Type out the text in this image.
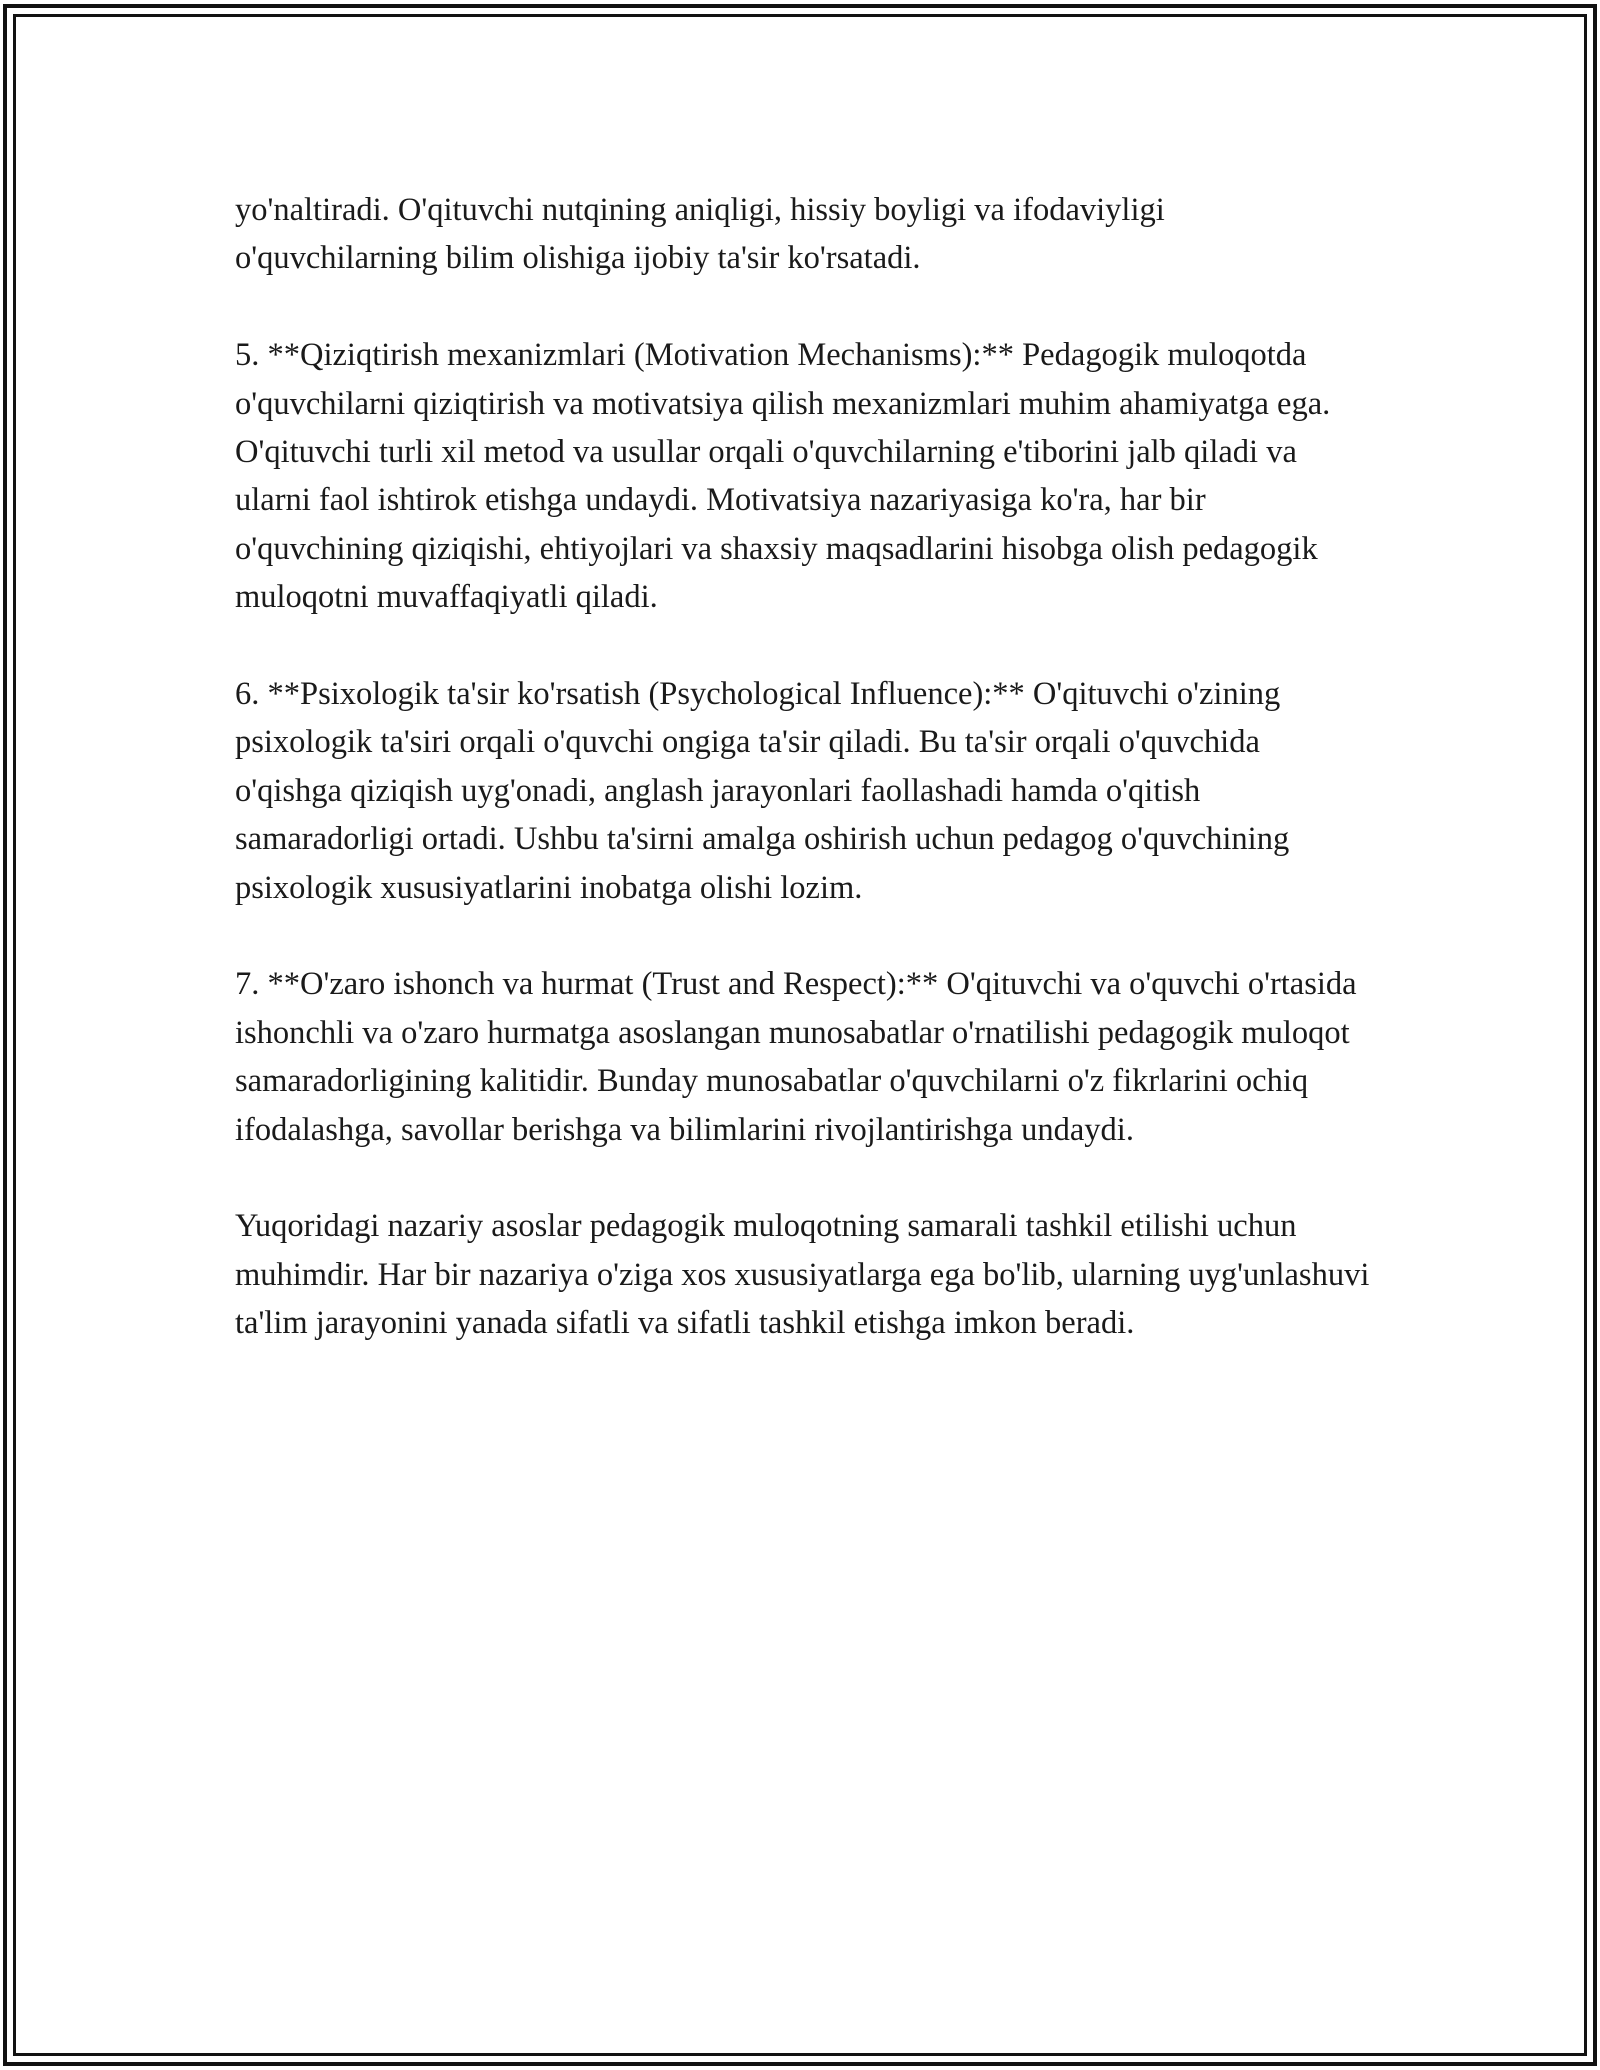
yo'naltiradi. O'qituvchi nutqining aniqligi, hissiy boyligi va ifodaviyligi o'quvchilarning bilim olishiga ijobiy ta'sir ko'rsatadi.

5. **Qiziqtirish mexanizmlari (Motivation Mechanisms):** Pedagogik muloqotda o'quvchilarni qiziqtirish va motivatsiya qilish mexanizmlari muhim ahamiyatga ega. O'qituvchi turli xil metod va usullar orqali o'quvchilarning e'tiborini jalb qiladi va ularni faol ishtirok etishga undaydi. Motivatsiya nazariyasiga ko'ra, har bir o'quvchining qiziqishi, ehtiyojlari va shaxsiy maqsadlarini hisobga olish pedagogik muloqotni muvaffaqiyatli qiladi.

6. **Psixologik ta'sir ko'rsatish (Psychological Influence):** O'qituvchi o'zining psixologik ta'siri orqali o'quvchi ongiga ta'sir qiladi. Bu ta'sir orqali o'quvchida o'qishga qiziqish uyg'onadi, anglash jarayonlari faollashadi hamda o'qitish samaradorligi ortadi. Ushbu ta'sirni amalga oshirish uchun pedagog o'quvchining psixologik xususiyatlarini inobatga olishi lozim.

7. **O'zaro ishonch va hurmat (Trust and Respect):** O'qituvchi va o'quvchi o'rtasida ishonchli va o'zaro hurmatga asoslangan munosabatlar o'rnatilishi pedagogik muloqot samaradorligining kalitidir. Bunday munosabatlar o'quvchilarni o'z fikrlarini ochiq ifodalashga, savollar berishga va bilimlarini rivojlantirishga undaydi.

Yuqoridagi nazariy asoslar pedagogik muloqotning samarali tashkil etilishi uchun muhimdir. Har bir nazariya o'ziga xos xususiyatlarga ega bo'lib, ularning uyg'unlashuvi ta'lim jarayonini yanada sifatli va sifatli tashkil etishga imkon beradi.
